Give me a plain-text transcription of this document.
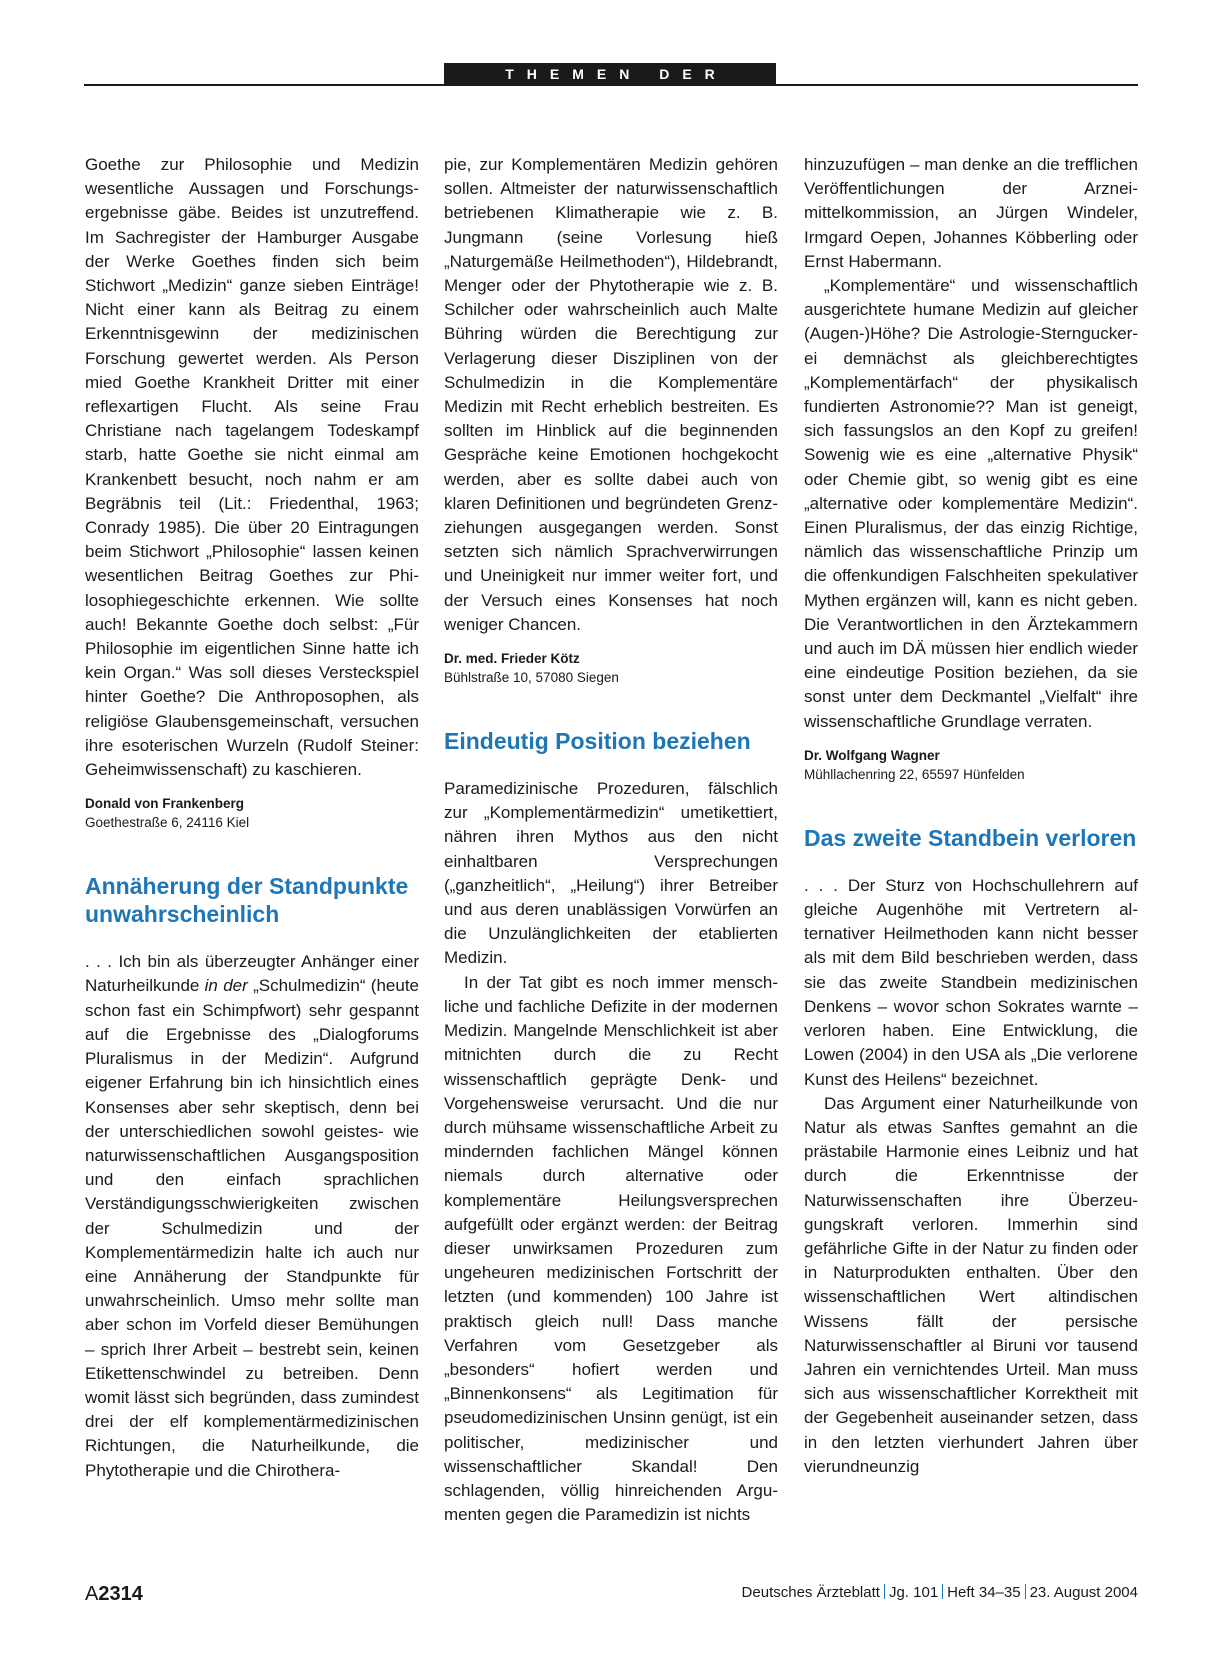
THEMEN DER ZEIT

Goethe zur Philosophie und Medizin wesentliche Aussagen und Forschungsergebnisse gäbe. Beides ist unzutreffend. Im Sachregister der Hamburger Ausgabe der Werke Goethes finden sich beim Stichwort „Medizin“ ganze sieben Einträge! Nicht einer kann als Beitrag zu einem Erkenntnisgewinn der medizinischen Forschung gewertet werden. Als Person mied Goethe Krankheit Dritter mit einer reflexartigen Flucht. Als seine Frau Christiane nach tagelangem Todeskampf starb, hatte Goethe sie nicht einmal am Krankenbett besucht, noch nahm er am Begräbnis teil (Lit.: Friedenthal, 1963; Conrady 1985). Die über 20 Eintragungen beim Stichwort „Philosophie“ lassen keinen wesentlichen Beitrag Goethes zur Philosophiegeschichte erkennen. Wie sollte auch! Bekannte Goethe doch selbst: „Für Philosophie im eigentlichen Sinne hatte ich kein Organ.“ Was soll dieses Versteckspiel hinter Goethe? Die Anthroposophen, als religiöse Glaubensgemeinschaft, versuchen ihre esoterischen Wurzeln (Rudolf Steiner: Geheimwissenschaft) zu kaschieren.

Donald von Frankenberg
Goethestraße 6, 24116 Kiel
Annäherung der Standpunkte unwahrscheinlich

. . . Ich bin als überzeugter Anhänger einer Naturheilkunde in der „Schulmedizin“ (heute schon fast ein Schimpfwort) sehr gespannt auf die Ergebnisse des „Dialogforums Pluralismus in der Medizin“. Aufgrund eigener Erfahrung bin ich hinsichtlich eines Konsenses aber sehr skeptisch, denn bei der unterschiedlichen sowohl geistes- wie naturwissenschaftlichen Ausgangsposition und den einfach sprachlichen Verständigungsschwierigkeiten zwischen der Schulmedizin und der Komplementärmedizin halte ich auch nur eine Annäherung der Standpunkte für unwahrscheinlich. Umso mehr sollte man aber schon im Vorfeld dieser Bemühungen – sprich Ihrer Arbeit – bestrebt sein, keinen Etikettenschwindel zu betreiben. Denn womit lässt sich begründen, dass zumindest drei der elf komplementärmedizinischen Richtungen, die Naturheilkunde, die Phytotherapie und die Chirothera-

pie, zur Komplementären Medizin gehören sollen. Altmeister der naturwissenschaftlich betriebenen Klimatherapie wie z. B. Jungmann (seine Vorlesung hieß „Naturgemäße Heilmethoden“), Hildebrandt, Menger oder der Phytotherapie wie z. B. Schilcher oder wahrscheinlich auch Malte Bühring würden die Berechtigung zur Verlagerung dieser Disziplinen von der Schulmedizin in die Komplementäre Medizin mit Recht erheblich bestreiten. Es sollten im Hinblick auf die beginnenden Gespräche keine Emotionen hochgekocht werden, aber es sollte dabei auch von klaren Definitionen und begründeten Grenzziehungen ausgegangen werden. Sonst setzten sich nämlich Sprachverwirrungen und Uneinigkeit nur immer weiter fort, und der Versuch eines Konsenses hat noch weniger Chancen.

Dr. med. Frieder Kötz
Bühlstraße 10, 57080 Siegen
Eindeutig Position beziehen

Paramedizinische Prozeduren, fälschlich zur „Komplementärmedizin“ umetikettiert, nähren ihren Mythos aus den nicht einhaltbaren Versprechungen („ganzheitlich“, „Heilung“) ihrer Betreiber und aus deren unablässigen Vorwürfen an die Unzulänglichkeiten der etablierten Medizin.

In der Tat gibt es noch immer menschliche und fachliche Defizite in der modernen Medizin. Mangelnde Menschlichkeit ist aber mitnichten durch die zu Recht wissenschaftlich geprägte Denk- und Vorgehensweise verursacht. Und die nur durch mühsame wissenschaftliche Arbeit zu mindernden fachlichen Mängel können niemals durch alternative oder komplementäre Heilungsversprechen aufgefüllt oder ergänzt werden: der Beitrag dieser unwirksamen Prozeduren zum ungeheuren medizinischen Fortschritt der letzten (und kommenden) 100 Jahre ist praktisch gleich null! Dass manche Verfahren vom Gesetzgeber als „besonders“ hofiert werden und „Binnenkonsens“ als Legitimation für pseudomedizinischen Unsinn genügt, ist ein politischer, medizinischer und wissenschaftlicher Skandal! Den schlagenden, völlig hinreichenden Argumenten gegen die Paramedizin ist nichts

hinzuzufügen – man denke an die trefflichen Veröffentlichungen der Arzneimittelkommission, an Jürgen Windeler, Irmgard Oepen, Johannes Köbberling oder Ernst Habermann.

„Komplementäre“ und wissenschaftlich ausgerichtete humane Medizin auf gleicher (Augen-)Höhe? Die Astrologie-Sternguckerei demnächst als gleichberechtigtes „Komplementärfach“ der physikalisch fundierten Astronomie?? Man ist geneigt, sich fassungslos an den Kopf zu greifen! Sowenig wie es eine „alternative Physik“ oder Chemie gibt, so wenig gibt es eine „alternative oder komplementäre Medizin“. Einen Pluralismus, der das einzig Richtige, nämlich das wissenschaftliche Prinzip um die offenkundigen Falschheiten spekulativer Mythen ergänzen will, kann es nicht geben. Die Verantwortlichen in den Ärztekammern und auch im DÄ müssen hier endlich wieder eine eindeutige Position beziehen, da sie sonst unter dem Deckmantel „Vielfalt“ ihre wissenschaftliche Grundlage verraten.

Dr. Wolfgang Wagner
Mühllachenring 22, 65597 Hünfelden
Das zweite Standbein verloren

. . . Der Sturz von Hochschullehrern auf gleiche Augenhöhe mit Vertretern alternativer Heilmethoden kann nicht besser als mit dem Bild beschrieben werden, dass sie das zweite Standbein medizinischen Denkens – wovor schon Sokrates warnte – verloren haben. Eine Entwicklung, die Lowen (2004) in den USA als „Die verlorene Kunst des Heilens“ bezeichnet.

Das Argument einer Naturheilkunde von Natur als etwas Sanftes gemahnt an die prästabile Harmonie eines Leibniz und hat durch die Erkenntnisse der Naturwissenschaften ihre Überzeugungskraft verloren. Immerhin sind gefährliche Gifte in der Natur zu finden oder in Naturprodukten enthalten. Über den wissenschaftlichen Wert altindischen Wissens fällt der persische Naturwissenschaftler al Biruni vor tausend Jahren ein vernichtendes Urteil. Man muss sich aus wissenschaftlicher Korrektheit mit der Gegebenheit auseinander setzen, dass in den letzten vierhundert Jahren über vierundneunzig

A2314	Deutsches Ärzteblatt Jg. 101 Heft 34–35 23. August 2004
